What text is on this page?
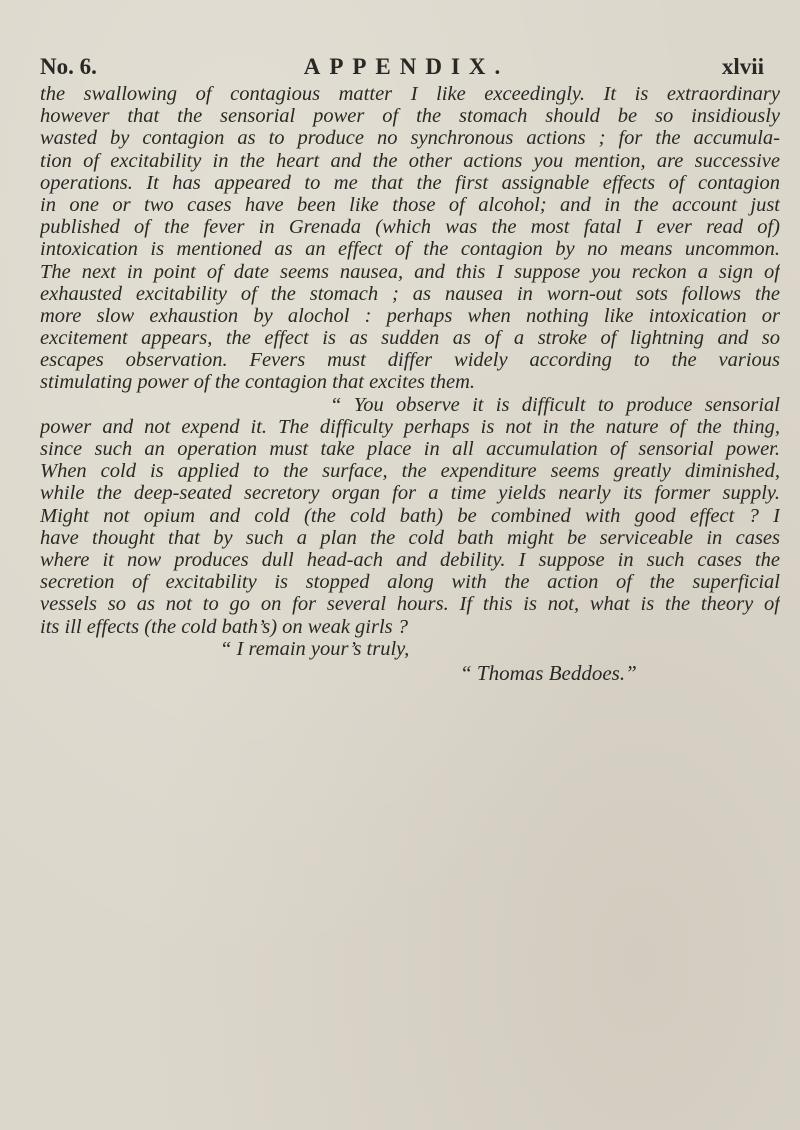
No. 6.	APPENDIX.	xlvii
the swallowing of contagious matter I like exceedingly. It is extraordinary
however that the sensorial power of the stomach should be so insidiously
wasted by contagion as to produce no synchronous actions ; for the accumula-
tion of excitability in the heart and the other actions you mention, are successive
operations. It has appeared to me that the first assignable effects of contagion
in one or two cases have been like those of alcohol; and in the account just
published of the fever in Grenada (which was the most fatal I ever read of)
intoxication is mentioned as an effect of the contagion by no means uncommon.
The next in point of date seems nausea, and this I suppose you reckon a sign of
exhausted excitability of the stomach ; as nausea in worn-out sots follows the
more slow exhaustion by alochol : perhaps when nothing like intoxication or
excitement appears, the effect is as sudden as of a stroke of lightning and so
escapes observation. Fevers must differ widely according to the various
stimulating power of the contagion that excites them.
“ You observe it is difficult to produce sensorial
power and not expend it. The difficulty perhaps is not in the nature of the thing,
since such an operation must take place in all accumulation of sensorial power.
When cold is applied to the surface, the expenditure seems greatly diminished,
while the deep-seated secretory organ for a time yields nearly its former supply.
Might not opium and cold (the cold bath) be combined with good effect ? I
have thought that by such a plan the cold bath might be serviceable in cases
where it now produces dull head-ach and debility. I suppose in such cases the
secretion of excitability is stopped along with the action of the superficial
vessels so as not to go on for several hours. If this is not, what is the theory of
its ill effects (the cold bath’s) on weak girls ?
“ I remain your’s truly,
“ Thomas Beddoes.”
